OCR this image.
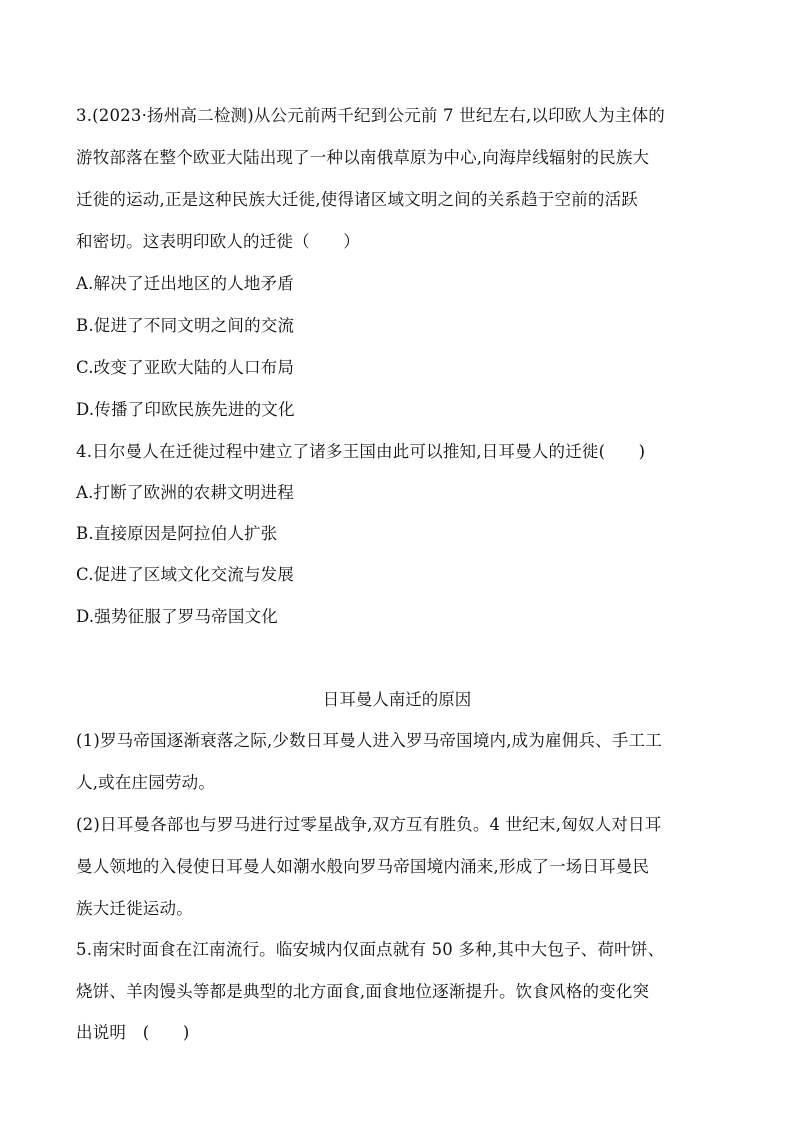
3.(2023·扬州高二检测)从公元前两千纪到公元前 7 世纪左右,以印欧人为主体的
游牧部落在整个欧亚大陆出现了一种以南俄草原为中心,向海岸线辐射的民族大
迁徙的运动,正是这种民族大迁徙,使得诸区域文明之间的关系趋于空前的活跃
和密切。这表明印欧人的迁徙（　　）
A.解决了迁出地区的人地矛盾
B.促进了不同文明之间的交流
C.改变了亚欧大陆的人口布局
D.传播了印欧民族先进的文化
4.日尔曼人在迁徙过程中建立了诸多王国由此可以推知,日耳曼人的迁徙(　　)
A.打断了欧洲的农耕文明进程
B.直接原因是阿拉伯人扩张
C.促进了区域文化交流与发展
D.强势征服了罗马帝国文化
日耳曼人南迁的原因
(1)罗马帝国逐渐衰落之际,少数日耳曼人进入罗马帝国境内,成为雇佣兵、手工工
人,或在庄园劳动。
(2)日耳曼各部也与罗马进行过零星战争,双方互有胜负。4 世纪末,匈奴人对日耳
曼人领地的入侵使日耳曼人如潮水般向罗马帝国境内涌来,形成了一场日耳曼民
族大迁徙运动。
5.南宋时面食在江南流行。临安城内仅面点就有 50 多种,其中大包子、荷叶饼、
烧饼、羊肉馒头等都是典型的北方面食,面食地位逐渐提升。饮食风格的变化突
出说明　(　　)
